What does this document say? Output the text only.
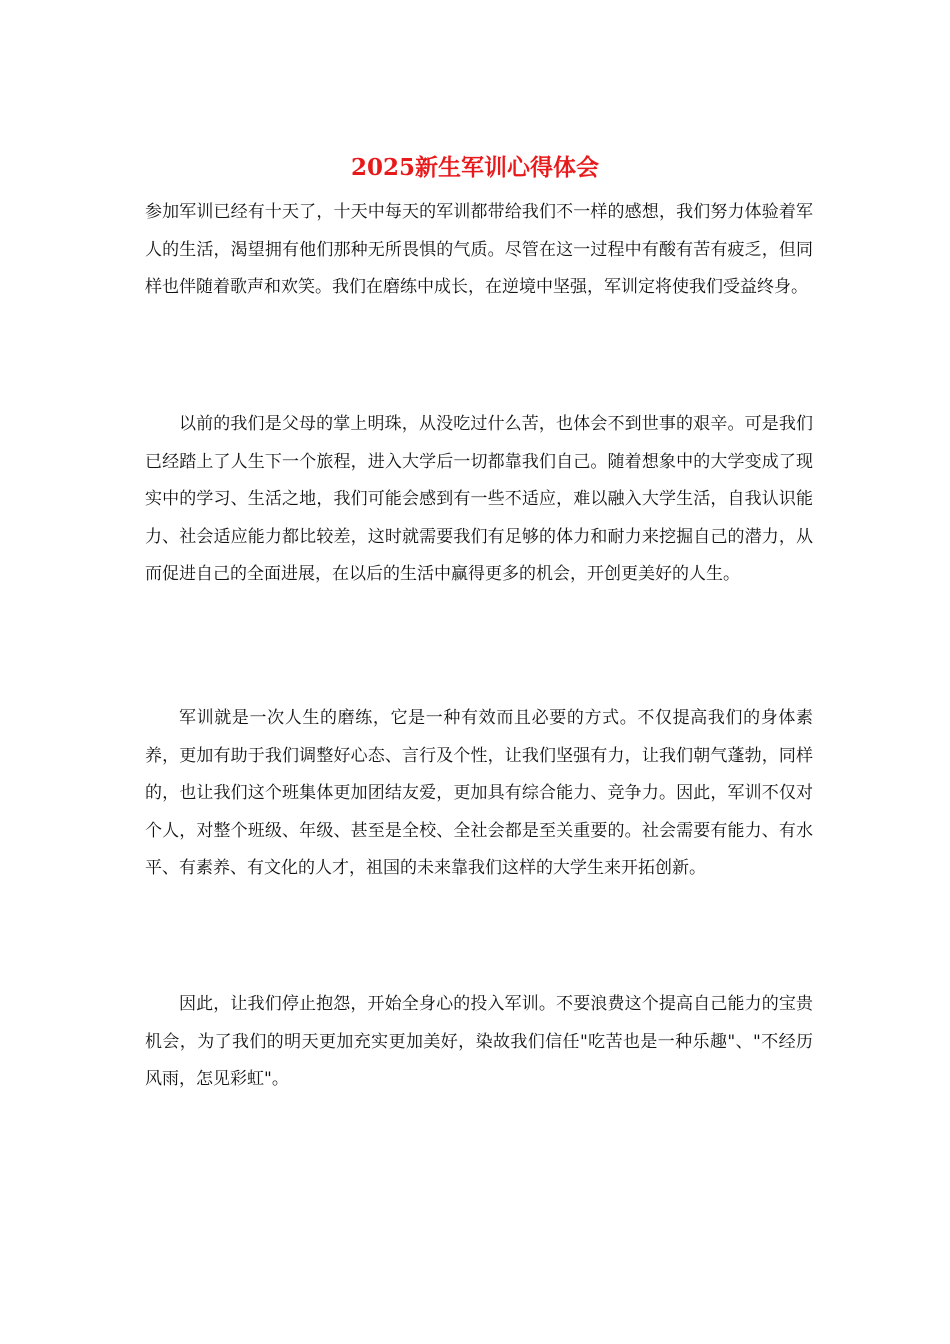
2025新生军训心得体会

参加军训已经有十天了，十天中每天的军训都带给我们不一样的感想，我们努力体验着军人的生活，渴望拥有他们那种无所畏惧的气质。尽管在这一过程中有酸有苦有疲乏，但同样也伴随着歌声和欢笑。我们在磨练中成长，在逆境中坚强，军训定将使我们受益终身。

以前的我们是父母的掌上明珠，从没吃过什么苦，也体会不到世事的艰辛。可是我们已经踏上了人生下一个旅程，进入大学后一切都靠我们自己。随着想象中的大学变成了现实中的学习、生活之地，我们可能会感到有一些不适应，难以融入大学生活，自我认识能力、社会适应能力都比较差，这时就需要我们有足够的体力和耐力来挖掘自己的潜力，从而促进自己的全面进展，在以后的生活中赢得更多的机会，开创更美好的人生。

军训就是一次人生的磨练，它是一种有效而且必要的方式。不仅提高我们的身体素养，更加有助于我们调整好心态、言行及个性，让我们坚强有力，让我们朝气蓬勃，同样的，也让我们这个班集体更加团结友爱，更加具有综合能力、竞争力。因此，军训不仅对个人，对整个班级、年级、甚至是全校、全社会都是至关重要的。社会需要有能力、有水平、有素养、有文化的人才，祖国的未来靠我们这样的大学生来开拓创新。

因此，让我们停止抱怨，开始全身心的投入军训。不要浪费这个提高自己能力的宝贵机会，为了我们的明天更加充实更加美好，染故我们信任"吃苦也是一种乐趣"、"不经历风雨，怎见彩虹"。
